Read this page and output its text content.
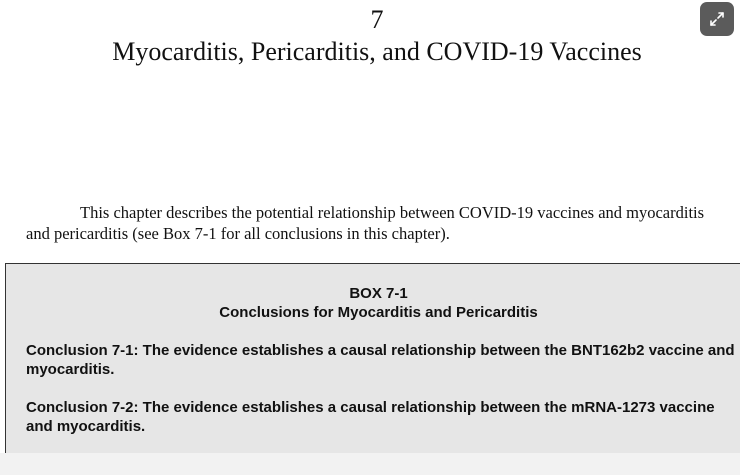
7
Myocarditis, Pericarditis, and COVID-19 Vaccines

This chapter describes the potential relationship between COVID-19 vaccines and myocarditis and pericarditis (see Box 7-1 for all conclusions in this chapter).

BOX 7-1
Conclusions for Myocarditis and Pericarditis
Conclusion 7-1: The evidence establishes a causal relationship between the BNT162b2 vaccine and myocarditis.
Conclusion 7-2: The evidence establishes a causal relationship between the mRNA-1273 vaccine and myocarditis.
